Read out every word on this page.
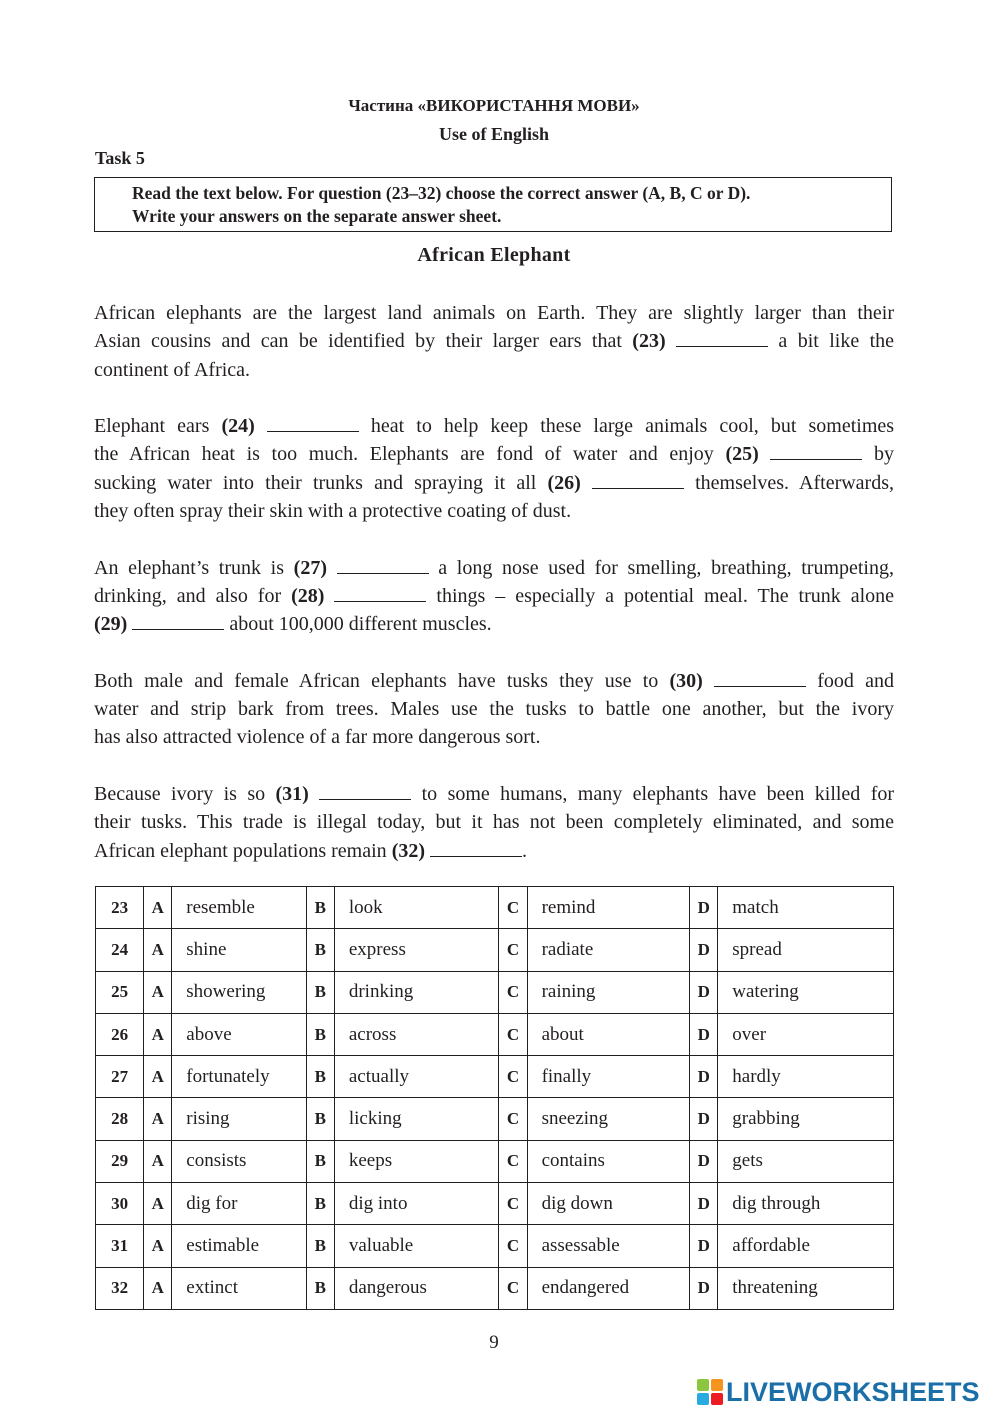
Частина «ВИКОРИСТАННЯ МОВИ»
Use of English
Task 5
Read the text below. For question (23–32) choose the correct answer (A, B, C or D).
Write your answers on the separate answer sheet.
African Elephant
African elephants are the largest land animals on Earth. They are slightly larger than their
Asian cousins and can be identified by their larger ears that (23)	a bit like the
continent of Africa.
Elephant ears (24)	heat to help keep these large animals cool, but sometimes
the African heat is too much. Elephants are fond of water and enjoy (25)	by
sucking water into their trunks and spraying it all (26)	themselves. Afterwards,
they often spray their skin with a protective coating of dust.
An elephant’s trunk is (27)	a long nose used for smelling, breathing, trumpeting,
drinking, and also for (28)	things – especially a potential meal. The trunk alone
(29)	about 100,000 different muscles.
Both male and female African elephants have tusks they use to (30)	food and
water and strip bark from trees. Males use the tusks to battle one another, but the ivory
has also attracted violence of a far more dangerous sort.
Because ivory is so (31)	to some humans, many elephants have been killed for
their tusks. This trade is illegal today, but it has not been completely eliminated, and some
African elephant populations remain (32)	.
23	A	resemble	B	look	C	remind	D	match
24	A	shine	B	express	C	radiate	D	spread
25	A	showering	B	drinking	C	raining	D	watering
26	A	above	B	across	C	about	D	over
27	A	fortunately	B	actually	C	finally	D	hardly
28	A	rising	B	licking	C	sneezing	D	grabbing
29	A	consists	B	keeps	C	contains	D	gets
30	A	dig for	B	dig into	C	dig down	D	dig through
31	A	estimable	B	valuable	C	assessable	D	affordable
32	A	extinct	B	dangerous	C	endangered	D	threatening
9
LIVEWORKSHEETS
